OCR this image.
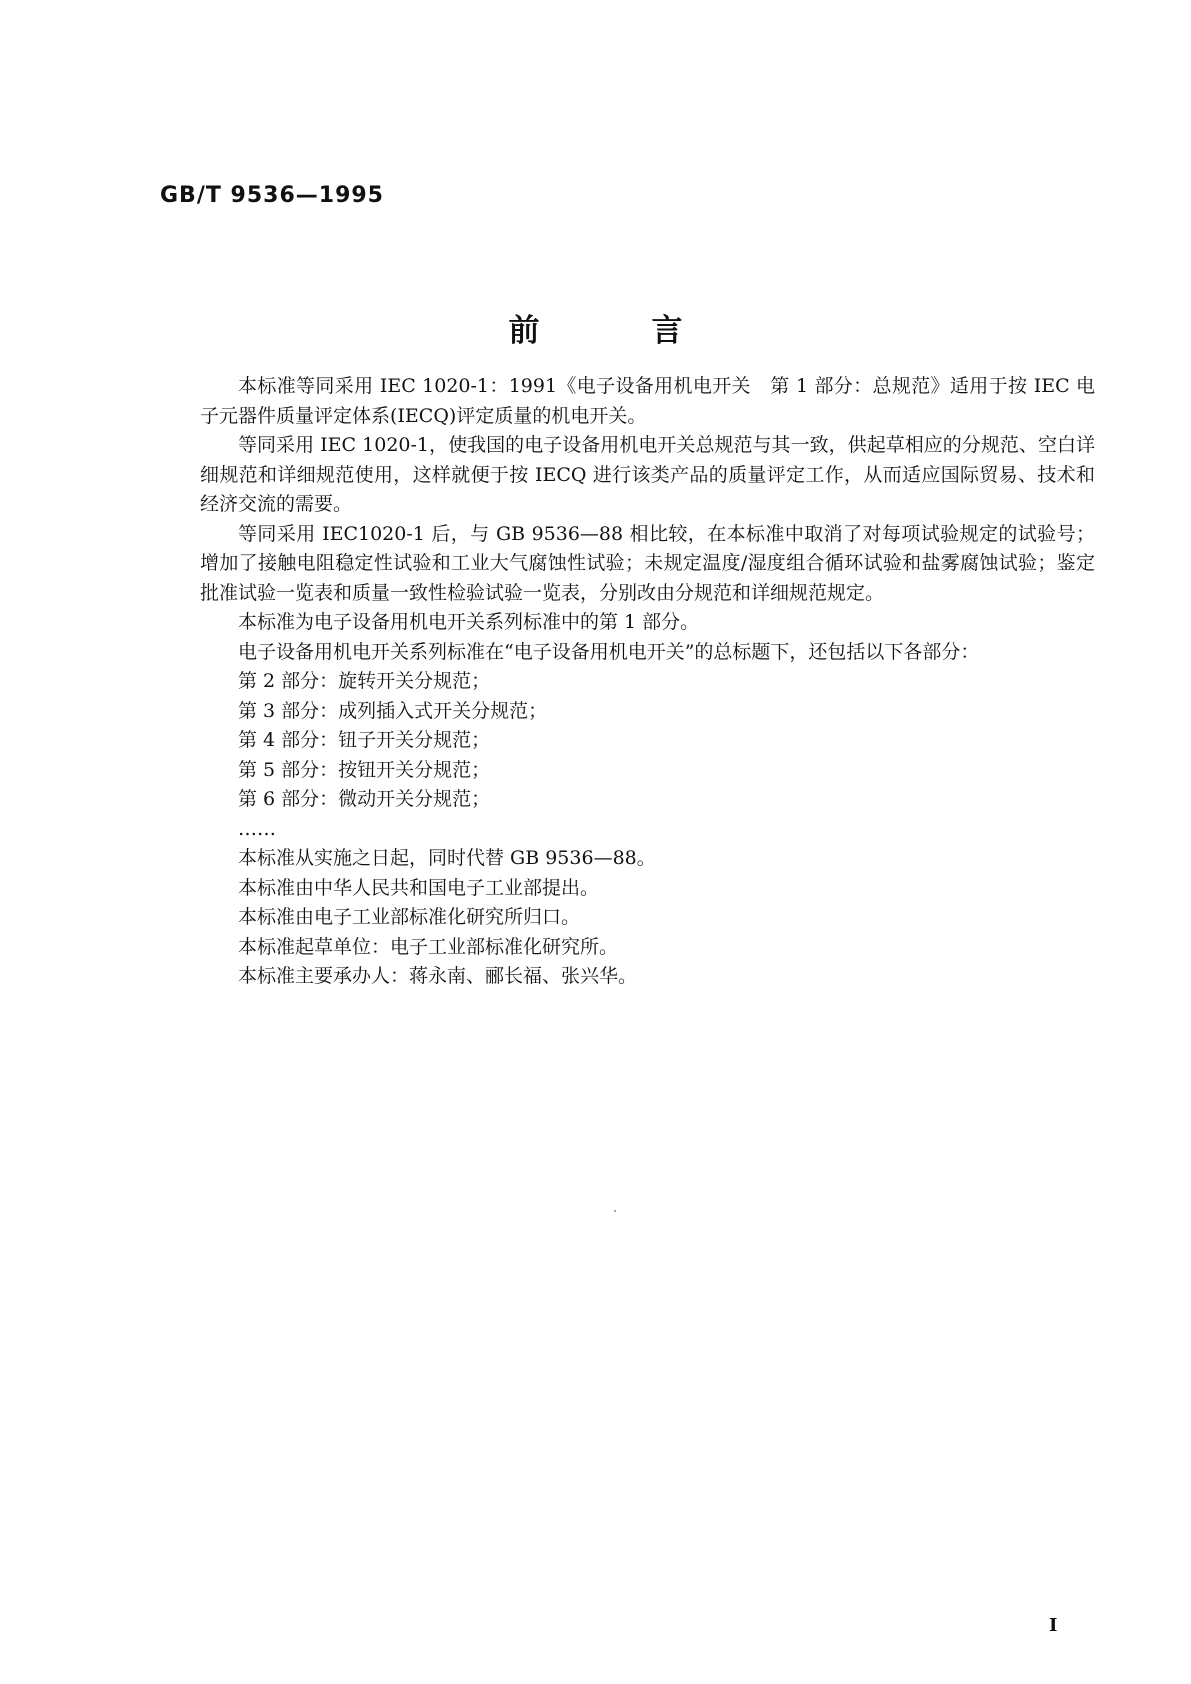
GB/T 9536—1995
前	言

本标准等同采用 IEC 1020-1：1991《电子设备用机电开关　第 1 部分：总规范》适用于按 IEC 电子元器件质量评定体系(IECQ)评定质量的机电开关。

等同采用 IEC 1020-1，使我国的电子设备用机电开关总规范与其一致，供起草相应的分规范、空白详细规范和详细规范使用，这样就便于按 IECQ 进行该类产品的质量评定工作，从而适应国际贸易、技术和经济交流的需要。

等同采用 IEC1020-1 后，与 GB 9536—88 相比较，在本标准中取消了对每项试验规定的试验号；增加了接触电阻稳定性试验和工业大气腐蚀性试验；未规定温度/湿度组合循环试验和盐雾腐蚀试验；鉴定批准试验一览表和质量一致性检验试验一览表，分别改由分规范和详细规范规定。

本标准为电子设备用机电开关系列标准中的第 1 部分。

电子设备用机电开关系列标准在“电子设备用机电开关”的总标题下，还包括以下各部分：

第 2 部分：旋转开关分规范；
第 3 部分：成列插入式开关分规范；
第 4 部分：钮子开关分规范；
第 5 部分：按钮开关分规范；
第 6 部分：微动开关分规范；
……

本标准从实施之日起，同时代替 GB 9536—88。

本标准由中华人民共和国电子工业部提出。

本标准由电子工业部标准化研究所归口。

本标准起草单位：电子工业部标准化研究所。

本标准主要承办人：蒋永南、郦长福、张兴华。

I
